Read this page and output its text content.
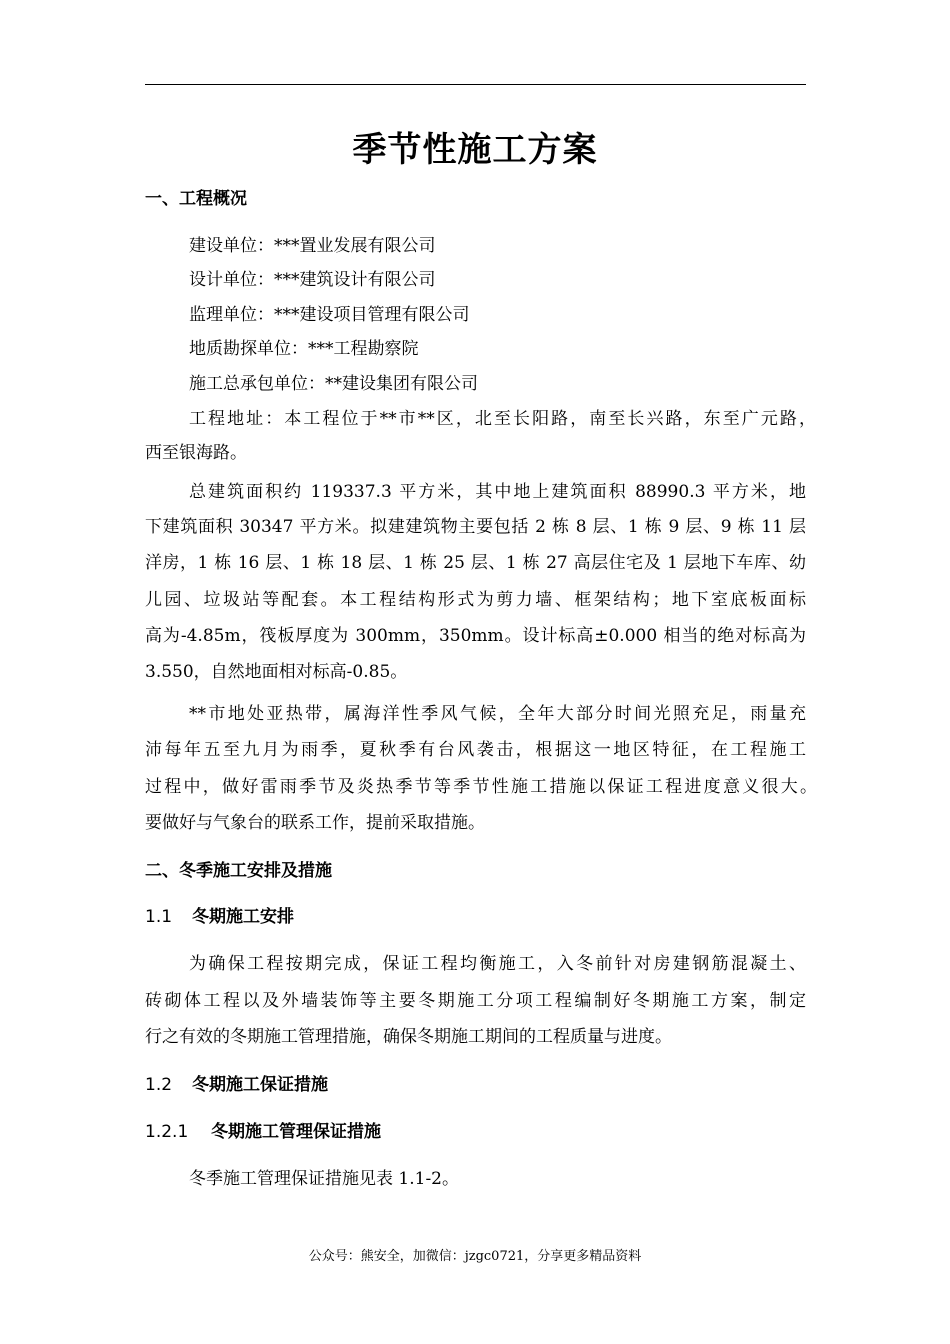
季节性施工方案
一、工程概况
建设单位：***置业发展有限公司
设计单位：***建筑设计有限公司
监理单位：***建设项目管理有限公司
地质勘探单位：***工程勘察院
施工总承包单位：**建设集团有限公司
工程地址：本工程位于**市**区，北至长阳路，南至长兴路，东至广元路，
西至银海路。
总建筑面积约 119337.3 平方米，其中地上建筑面积 88990.3 平方米，地
下建筑面积 30347 平方米。拟建建筑物主要包括 2 栋 8 层、1 栋 9 层、9 栋 11 层
洋房，1 栋 16 层、1 栋 18 层、1 栋 25 层、1 栋 27 高层住宅及 1 层地下车库、幼
儿园、垃圾站等配套。本工程结构形式为剪力墙、框架结构；地下室底板面标
高为-4.85m，筏板厚度为 300mm，350mm。设计标高±0.000 相当的绝对标高为
3.550，自然地面相对标高-0.85。
**市地处亚热带，属海洋性季风气候，全年大部分时间光照充足，雨量充
沛每年五至九月为雨季，夏秋季有台风袭击，根据这一地区特征，在工程施工
过程中，做好雷雨季节及炎热季节等季节性施工措施以保证工程进度意义很大。
要做好与气象台的联系工作，提前采取措施。
二、冬季施工安排及措施
1.1 冬期施工安排
为确保工程按期完成，保证工程均衡施工，入冬前针对房建钢筋混凝土、
砖砌体工程以及外墙装饰等主要冬期施工分项工程编制好冬期施工方案，制定
行之有效的冬期施工管理措施，确保冬期施工期间的工程质量与进度。
1.2 冬期施工保证措施
1.2.1 冬期施工管理保证措施
冬季施工管理保证措施见表 1.1-2。
公众号：熊安全，加微信：jzgc0721，分享更多精品资料
